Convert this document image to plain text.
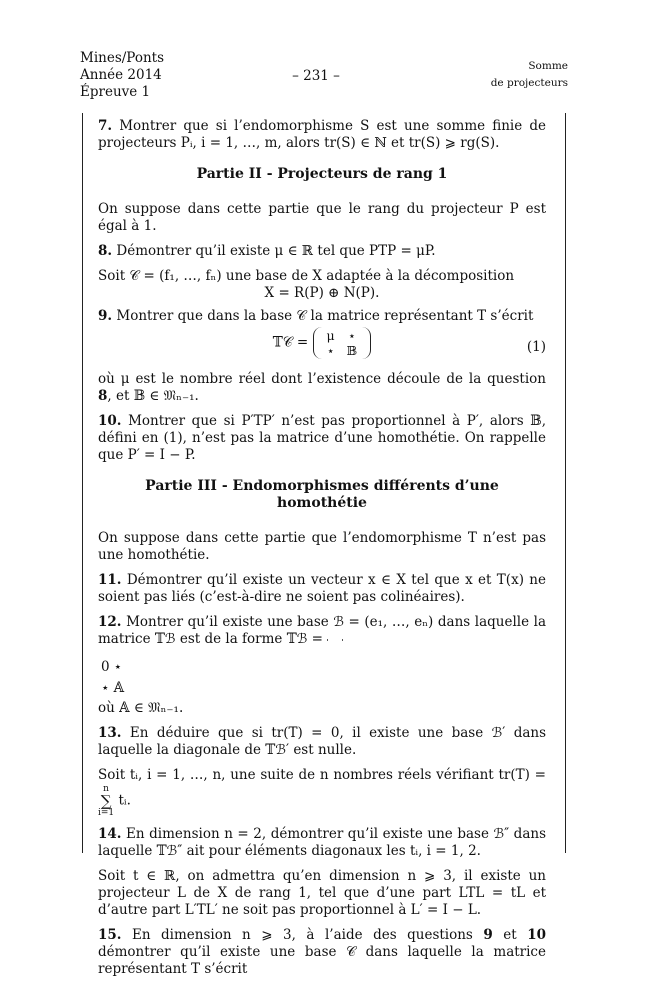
Mines/Ponts
Année 2014
Épreuve 1
– 231 –
Somme
de projecteurs

7. Montrer que si l’endomorphisme S est une somme finie de projecteurs Pᵢ, i = 1, …, m, alors tr(S) ∈ ℕ et tr(S) ⩾ rg(S).

Partie II - Projecteurs de rang 1

On suppose dans cette partie que le rang du projecteur P est égal à 1.

8. Démontrer qu’il existe μ ∈ ℝ tel que PTP = μP.

Soit 𝒞 = (f₁, …, fₙ) une base de X adaptée à la décomposition

X = R(P) ⊕ N(P).

9. Montrer que dans la base 𝒞 la matrice représentant T s’écrit

𝕋𝒞 = μ	⋆
⋆	𝔹	(1)

où μ est le nombre réel dont l’existence découle de la question 8, et 𝔹 ∈ 𝔐ₙ₋₁.

10. Montrer que si P′TP′ n’est pas proportionnel à P′, alors 𝔹, défini en (1), n’est pas la matrice d’une homothétie. On rappelle que P′ = I − P.

Partie III - Endomorphismes différents d’une homothétie

On suppose dans cette partie que l’endomorphisme T n’est pas une homothétie.

11. Démontrer qu’il existe un vecteur x ∈ X tel que x et T(x) ne soient pas liés (c’est-à-dire ne soient pas colinéaires).

12. Montrer qu’il existe une base ℬ = (e₁, …, eₙ) dans laquelle la matrice 𝕋ℬ est de la forme 𝕋ℬ =

0	⋆
⋆	𝔸
où 𝔸 ∈ 𝔐ₙ₋₁.

13. En déduire que si tr(T) = 0, il existe une base ℬ′ dans laquelle la diagonale de 𝕋ℬ′ est nulle.

Soit tᵢ, i = 1, …, n, une suite de n nombres réels vérifiant tr(T) =
n
∑
i=1
tᵢ.

14. En dimension n = 2, démontrer qu’il existe une base ℬ″ dans laquelle 𝕋ℬ″ ait pour éléments diagonaux les tᵢ, i = 1, 2.

Soit t ∈ ℝ, on admettra qu’en dimension n ⩾ 3, il existe un projecteur L de X de rang 1, tel que d’une part LTL = tL et d’autre part L′TL′ ne soit pas proportionnel à L′ = I − L.

15. En dimension n ⩾ 3, à l’aide des questions 9 et 10 démontrer qu’il existe une base 𝒞 dans laquelle la matrice représentant T s’écrit
